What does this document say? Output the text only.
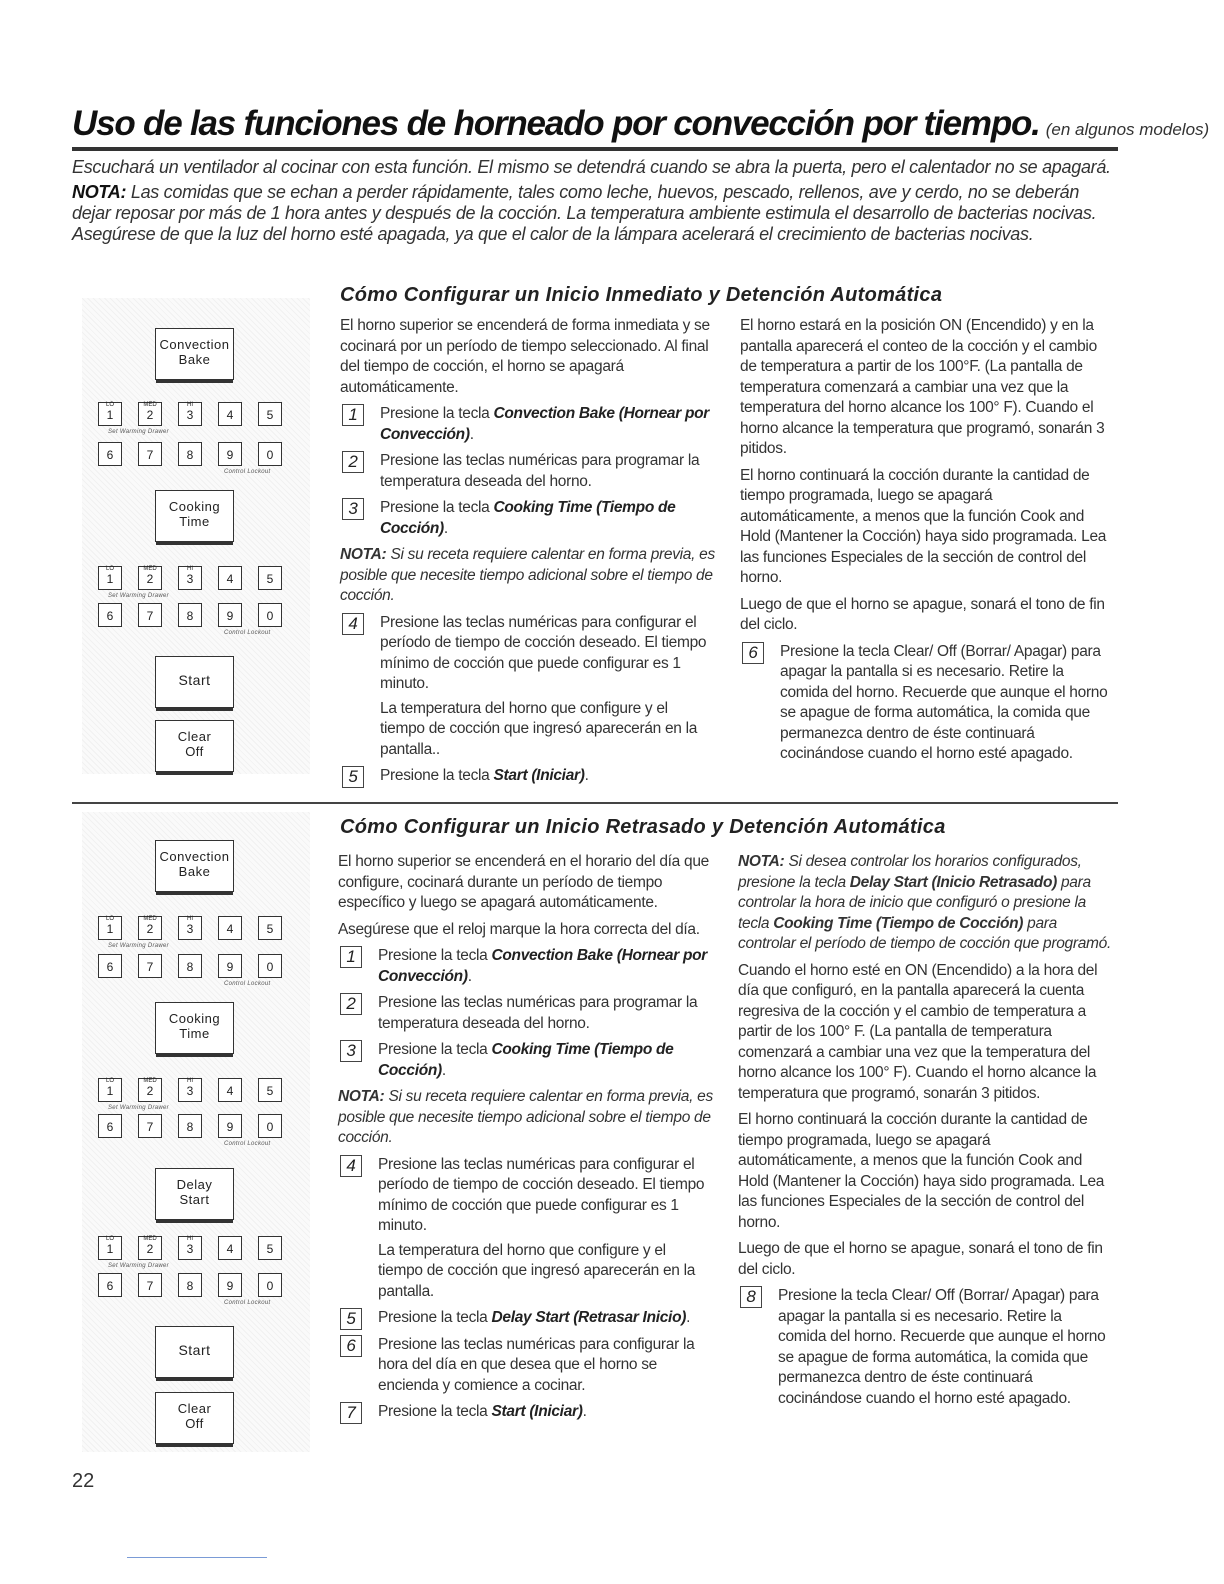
Uso de las funciones de horneado por convección por tiempo. (en algunos modelos)

Escuchará un ventilador al cocinar con esta función. El mismo se detendrá cuando se abra la puerta, pero el calentador no se apagará.

NOTA: Las comidas que se echan a perder rápidamente, tales como leche, huevos, pescado, rellenos, ave y cerdo, no se deberán dejar reposar por más de 1 hora antes y después de la cocción. La temperatura ambiente estimula el desarrollo de bacterias nocivas. Asegúrese de que la luz del horno esté apagada, ya que el calor de la lámpara acelerará el crecimiento de bacterias nocivas.

Cómo Configurar un Inicio Inmediato y Detención Automática
Convection
Bake
LO
1
MED
2
HI
3	4	5
Set Warming Drawer
6	7	8	9	0
Control Lockout
Cooking
Time
LO
1
MED
2
HI
3	4	5
Set Warming Drawer
6	7	8	9	0
Control Lockout
Start
Clear
Off

El horno superior se encenderá de forma inmediata y se cocinará por un período de tiempo seleccionado. Al final del tiempo de cocción, el horno se apagará automáticamente.

1	Presione la tecla Convection Bake (Hornear por Convección).
2	Presione las teclas numéricas para programar la temperatura deseada del horno.
3	Presione la tecla Cooking Time (Tiempo de Cocción).

NOTA: Si su receta requiere calentar en forma previa, es posible que necesite tiempo adicional sobre el tiempo de cocción.

4	Presione las teclas numéricas para configurar el período de tiempo de cocción deseado. El tiempo mínimo de cocción que puede configurar es 1 minuto.
La temperatura del horno que configure y el tiempo de cocción que ingresó aparecerán en la pantalla..
5	Presione la tecla Start (Iniciar).

El horno estará en la posición ON (Encendido) y en la pantalla aparecerá el conteo de la cocción y el cambio de temperatura a partir de los 100°F. (La pantalla de temperatura comenzará a cambiar una vez que la temperatura del horno alcance los 100° F). Cuando el horno alcance la temperatura que programó, sonarán 3 pitidos.

El horno continuará la cocción durante la cantidad de tiempo programada, luego se apagará automáticamente, a menos que la función Cook and Hold (Mantener la Cocción) haya sido programada. Lea las funciones Especiales de la sección de control del horno.

Luego de que el horno se apague, sonará el tono de fin del ciclo.

6	Presione la tecla Clear/ Off (Borrar/ Apagar) para apagar la pantalla si es necesario. Retire la comida del horno. Recuerde que aunque el horno se apague de forma automática, la comida que permanezca dentro de éste continuará cocinándose cuando el horno esté apagado.
Cómo Configurar un Inicio Retrasado y Detención Automática
Convection
Bake
LO
1
MED
2
HI
3	4	5
Set Warming Drawer
6	7	8	9	0
Control Lockout
Cooking
Time
LO
1
MED
2
HI
3	4	5
Set Warming Drawer
6	7	8	9	0
Control Lockout
Delay
Start
LO
1
MED
2
HI
3	4	5
Set Warming Drawer
6	7	8	9	0
Control Lockout
Start
Clear
Off

El horno superior se encenderá en el horario del día que configure, cocinará durante un período de tiempo específico y luego se apagará automáticamente.

Asegúrese que el reloj marque la hora correcta del día.

1	Presione la tecla Convection Bake (Hornear por Convección).
2	Presione las teclas numéricas para programar la temperatura deseada del horno.
3	Presione la tecla Cooking Time (Tiempo de Cocción).

NOTA: Si su receta requiere calentar en forma previa, es posible que necesite tiempo adicional sobre el tiempo de cocción.

4	Presione las teclas numéricas para configurar el período de tiempo de cocción deseado. El tiempo mínimo de cocción que puede configurar es 1 minuto.
La temperatura del horno que configure y el tiempo de cocción que ingresó aparecerán en la pantalla.
5	Presione la tecla Delay Start (Retrasar Inicio).
6	Presione las teclas numéricas para configurar la hora del día en que desea que el horno se encienda y comience a cocinar.
7	Presione la tecla Start (Iniciar).

NOTA: Si desea controlar los horarios configurados, presione la tecla Delay Start (Inicio Retrasado) para controlar la hora de inicio que configuró o presione la tecla Cooking Time (Tiempo de Cocción) para controlar el período de tiempo de cocción que programó.

Cuando el horno esté en ON (Encendido) a la hora del día que configuró, en la pantalla aparecerá la cuenta regresiva de la cocción y el cambio de temperatura a partir de los 100° F. (La pantalla de temperatura comenzará a cambiar una vez que la temperatura del horno alcance los 100° F). Cuando el horno alcance la temperatura que programó, sonarán 3 pitidos.

El horno continuará la cocción durante la cantidad de tiempo programada, luego se apagará automáticamente, a menos que la función Cook and Hold (Mantener la Cocción) haya sido programada. Lea las funciones Especiales de la sección de control del horno.

Luego de que el horno se apague, sonará el tono de fin del ciclo.

8	Presione la tecla Clear/ Off (Borrar/ Apagar) para apagar la pantalla si es necesario. Retire la comida del horno. Recuerde que aunque el horno se apague de forma automática, la comida que permanezca dentro de éste continuará cocinándose cuando el horno esté apagado.
22
